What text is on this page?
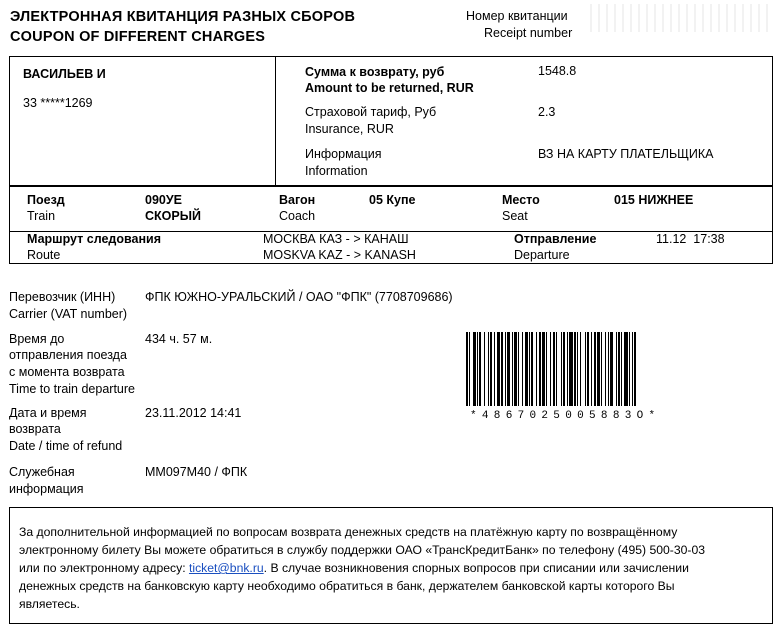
ЭЛЕКТРОННАЯ КВИТАНЦИЯ РАЗНЫХ СБОРОВ
COUPON OF DIFFERENT CHARGES
Номер квитанции
Receipt number
ВАСИЛЬЕВ И
33 *****1269
Сумма к возврату, руб
Amount to be returned, RUR
1548.8
Страховой тариф, Руб
Insurance, RUR
2.3
Информация
Information
ВЗ НА КАРТУ ПЛАТЕЛЬЩИКА
Поезд
Train
090УЕ
СКОРЫЙ
Вагон
Coach
05 Купе	Место
Seat
015 НИЖНЕЕ
Маршрут следования
Route
МОСКВА КАЗ - > КАНАШ
MOSKVA KAZ - > KANASH
Отправление
Departure
11.12  17:38
Перевозчик (ИНН)
Carrier (VAT number)
ФПК ЮЖНО-УРАЛЬСКИЙ / ОАО "ФПК" (7708709686)
Время до
отправления поезда
с момента возврата
Time to train departure
434 ч. 57 м.
Дата и время
возврата
Date / time of refund
23.11.2012 14:41
Служебная
информация
ММ097М40 / ФПК
*4867025005883O*
За дополнительной информацией по вопросам возврата денежных средств на платёжную карту по возвращённому
электронному билету Вы можете обратиться в службу поддержки ОАО «ТрансКредитБанк» по телефону (495) 500-30-03
или по электронному адресу: ticket@bnk.ru. В случае возникновения спорных вопросов при списании или зачислении
денежных средств на банковскую карту необходимо обратиться в банк, держателем банковской карты которого Вы
являетесь.
